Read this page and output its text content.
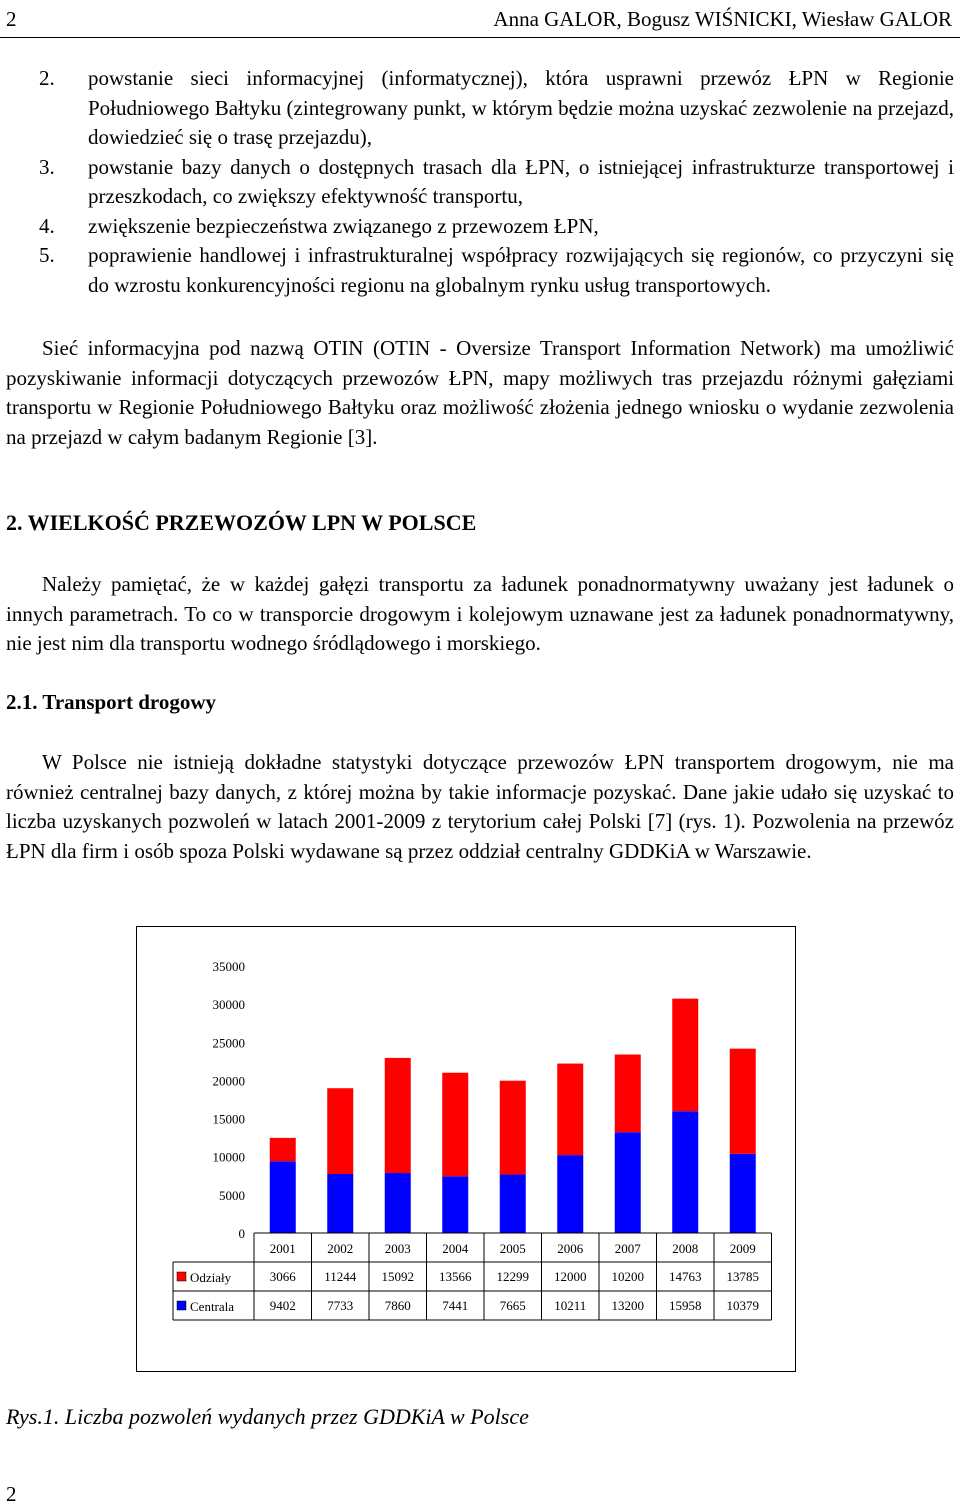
2	Anna GALOR, Bogusz WIŚNICKI, Wiesław GALOR
2.	powstanie sieci informacyjnej (informatycznej), która usprawni przewóz ŁPN w Regionie Południowego Bałtyku (zintegrowany punkt, w którym będzie można uzyskać zezwolenie na przejazd, dowiedzieć się o trasę przejazdu),
3.	powstanie bazy danych o dostępnych trasach dla ŁPN, o istniejącej infrastrukturze transportowej i przeszkodach, co zwiększy efektywność transportu,
4.	zwiększenie bezpieczeństwa związanego z przewozem ŁPN,
5.	poprawienie handlowej i infrastrukturalnej współpracy rozwijających się regionów, co przyczyni się do wzrostu konkurencyjności regionu na globalnym rynku usług transportowych.
Sieć informacyjna pod nazwą OTIN (OTIN - Oversize Transport Information Network) ma umożliwić pozyskiwanie informacji dotyczących przewozów ŁPN, mapy możliwych tras przejazdu różnymi gałęziami transportu w Regionie Południowego Bałtyku oraz możliwość złożenia jednego wniosku o wydanie zezwolenia na przejazd w całym badanym Regionie [3].
2. WIELKOŚĆ PRZEWOZÓW LPN W POLSCE
Należy pamiętać, że w każdej gałęzi transportu za ładunek ponadnormatywny uważany jest ładunek o innych parametrach. To co w transporcie drogowym i kolejowym uznawane jest za ładunek ponadnormatywny, nie jest nim dla transportu wodnego śródlądowego i morskiego.
2.1. Transport drogowy
W Polsce nie istnieją dokładne statystyki dotyczące przewozów ŁPN transportem drogowym, nie ma również centralnej bazy danych, z której można by takie informacje pozyskać. Dane jakie udało się uzyskać to liczba uzyskanych pozwoleń w latach 2001-2009 z terytorium całej Polski [7] (rys. 1). Pozwolenia na przewóz ŁPN dla firm i osób spoza Polski wydawane są przez oddział centralny GDDKiA w Warszawie.
35000
30000
25000
20000
15000
10000
5000
0
2001 2002 2003 2004 2005 2006 2007 2008 2009
Odziały	3066 11244 15092 13566 12299 12000 10200 14763 13785
Centrala	9402 7733 7860 7441 7665 10211 13200 15958 10379
Rys.1. Liczba pozwoleń wydanych przez GDDKiA w Polsce
2
